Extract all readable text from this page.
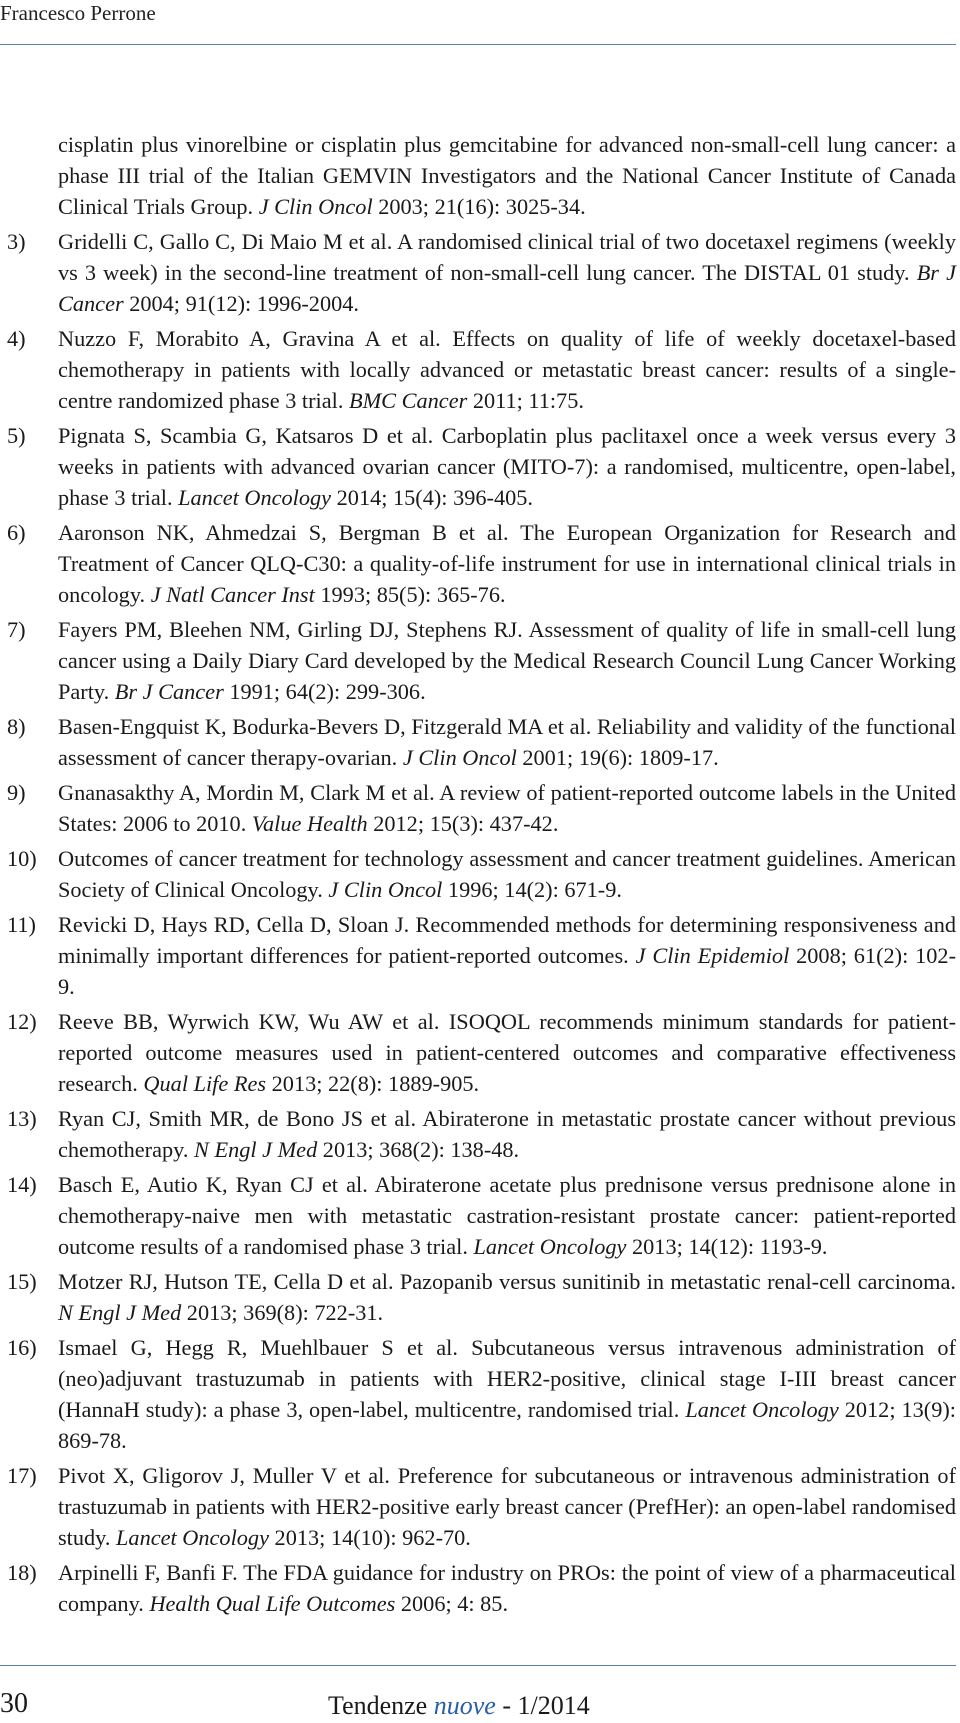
Francesco Perrone
cisplatin plus vinorelbine or cisplatin plus gemcitabine for advanced non-small-cell lung cancer: a phase III trial of the Italian GEMVIN Investigators and the National Cancer Institute of Canada Clinical Trials Group. J Clin Oncol 2003; 21(16): 3025-34.
3) Gridelli C, Gallo C, Di Maio M et al. A randomised clinical trial of two docetaxel regimens (weekly vs 3 week) in the second-line treatment of non-small-cell lung cancer. The DISTAL 01 study. Br J Cancer 2004; 91(12): 1996-2004.
4) Nuzzo F, Morabito A, Gravina A et al. Effects on quality of life of weekly docetaxel-based chemotherapy in patients with locally advanced or metastatic breast cancer: results of a single-centre randomized phase 3 trial. BMC Cancer 2011; 11:75.
5) Pignata S, Scambia G, Katsaros D et al. Carboplatin plus paclitaxel once a week versus every 3 weeks in patients with advanced ovarian cancer (MITO-7): a randomised, multicentre, open-label, phase 3 trial. Lancet Oncology 2014; 15(4): 396-405.
6) Aaronson NK, Ahmedzai S, Bergman B et al. The European Organization for Research and Treatment of Cancer QLQ-C30: a quality-of-life instrument for use in international clinical trials in oncology. J Natl Cancer Inst 1993; 85(5): 365-76.
7) Fayers PM, Bleehen NM, Girling DJ, Stephens RJ. Assessment of quality of life in small-cell lung cancer using a Daily Diary Card developed by the Medical Research Council Lung Cancer Working Party. Br J Cancer 1991; 64(2): 299-306.
8) Basen-Engquist K, Bodurka-Bevers D, Fitzgerald MA et al. Reliability and validity of the functional assessment of cancer therapy-ovarian. J Clin Oncol 2001; 19(6): 1809-17.
9) Gnanasakthy A, Mordin M, Clark M et al. A review of patient-reported outcome labels in the United States: 2006 to 2010. Value Health 2012; 15(3): 437-42.
10) Outcomes of cancer treatment for technology assessment and cancer treatment guidelines. American Society of Clinical Oncology. J Clin Oncol 1996; 14(2): 671-9.
11) Revicki D, Hays RD, Cella D, Sloan J. Recommended methods for determining responsiveness and minimally important differences for patient-reported outcomes. J Clin Epidemiol 2008; 61(2): 102-9.
12) Reeve BB, Wyrwich KW, Wu AW et al. ISOQOL recommends minimum standards for patient-reported outcome measures used in patient-centered outcomes and comparative effectiveness research. Qual Life Res 2013; 22(8): 1889-905.
13) Ryan CJ, Smith MR, de Bono JS et al. Abiraterone in metastatic prostate cancer without previous chemotherapy. N Engl J Med 2013; 368(2): 138-48.
14) Basch E, Autio K, Ryan CJ et al. Abiraterone acetate plus prednisone versus prednisone alone in chemotherapy-naive men with metastatic castration-resistant prostate cancer: patient-reported outcome results of a randomised phase 3 trial. Lancet Oncology 2013; 14(12): 1193-9.
15) Motzer RJ, Hutson TE, Cella D et al. Pazopanib versus sunitinib in metastatic renal-cell carcinoma. N Engl J Med 2013; 369(8): 722-31.
16) Ismael G, Hegg R, Muehlbauer S et al. Subcutaneous versus intravenous administration of (neo)adjuvant trastuzumab in patients with HER2-positive, clinical stage I-III breast cancer (HannaH study): a phase 3, open-label, multicentre, randomised trial. Lancet Oncology 2012; 13(9): 869-78.
17) Pivot X, Gligorov J, Muller V et al. Preference for subcutaneous or intravenous administration of trastuzumab in patients with HER2-positive early breast cancer (PrefHer): an open-label randomised study. Lancet Oncology 2013; 14(10): 962-70.
18) Arpinelli F, Banfi F. The FDA guidance for industry on PROs: the point of view of a pharmaceutical company. Health Qual Life Outcomes 2006; 4: 85.
30	Tendenze nuove - 1/2014
